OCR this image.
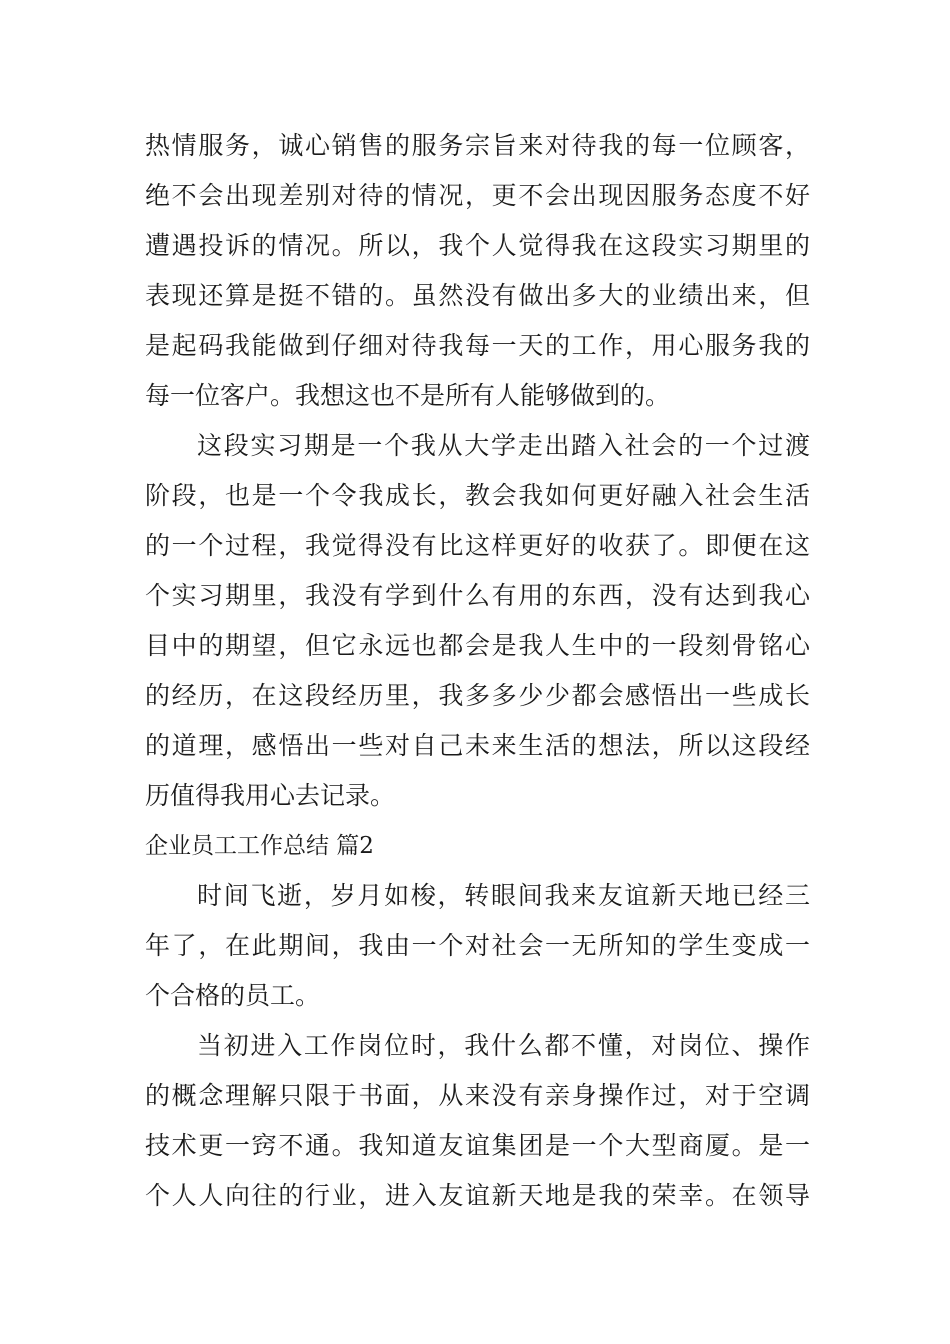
热情服务，诚心销售的服务宗旨来对待我的每一位顾客，
绝不会出现差别对待的情况，更不会出现因服务态度不好
遭遇投诉的情况。所以，我个人觉得我在这段实习期里的
表现还算是挺不错的。虽然没有做出多大的业绩出来，但
是起码我能做到仔细对待我每一天的工作，用心服务我的
每一位客户。我想这也不是所有人能够做到的。
这段实习期是一个我从大学走出踏入社会的一个过渡
阶段，也是一个令我成长，教会我如何更好融入社会生活
的一个过程，我觉得没有比这样更好的收获了。即便在这
个实习期里，我没有学到什么有用的东西，没有达到我心
目中的期望，但它永远也都会是我人生中的一段刻骨铭心
的经历，在这段经历里，我多多少少都会感悟出一些成长
的道理，感悟出一些对自己未来生活的想法，所以这段经
历值得我用心去记录。
企业员工工作总结 篇2
时间飞逝，岁月如梭，转眼间我来友谊新天地已经三
年了，在此期间，我由一个对社会一无所知的学生变成一
个合格的员工。
当初进入工作岗位时，我什么都不懂，对岗位、操作
的概念理解只限于书面，从来没有亲身操作过，对于空调
技术更一窍不通。我知道友谊集团是一个大型商厦。是一
个人人向往的行业，进入友谊新天地是我的荣幸。在领导
